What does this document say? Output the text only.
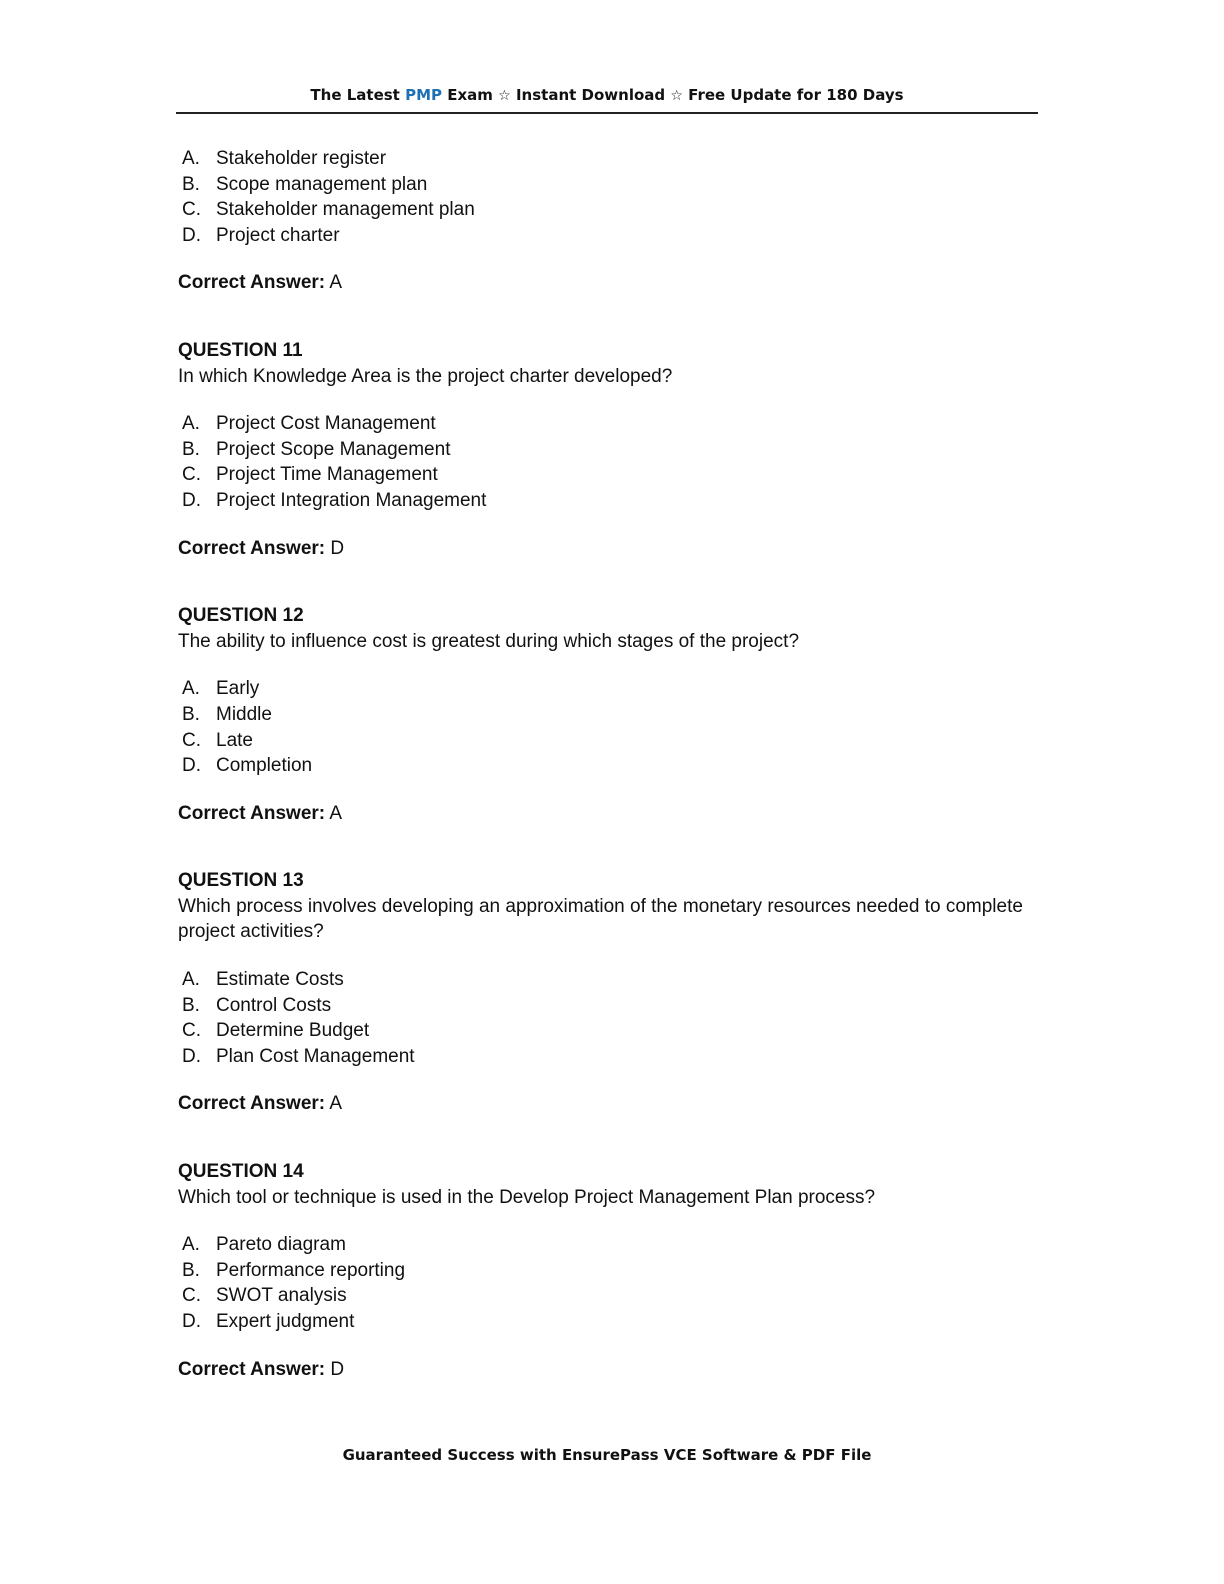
The Latest PMP Exam ☆ Instant Download ☆ Free Update for 180 Days
A. Stakeholder register
B. Scope management plan
C. Stakeholder management plan
D. Project charter
Correct Answer: A
QUESTION 11
In which Knowledge Area is the project charter developed?
A. Project Cost Management
B. Project Scope Management
C. Project Time Management
D. Project Integration Management
Correct Answer: D
QUESTION 12
The ability to influence cost is greatest during which stages of the project?
A. Early
B. Middle
C. Late
D. Completion
Correct Answer: A
QUESTION 13
Which process involves developing an approximation of the monetary resources needed to complete project activities?
A. Estimate Costs
B. Control Costs
C. Determine Budget
D. Plan Cost Management
Correct Answer: A
QUESTION 14
Which tool or technique is used in the Develop Project Management Plan process?
A. Pareto diagram
B. Performance reporting
C. SWOT analysis
D. Expert judgment
Correct Answer: D
Guaranteed Success with EnsurePass VCE Software & PDF File
